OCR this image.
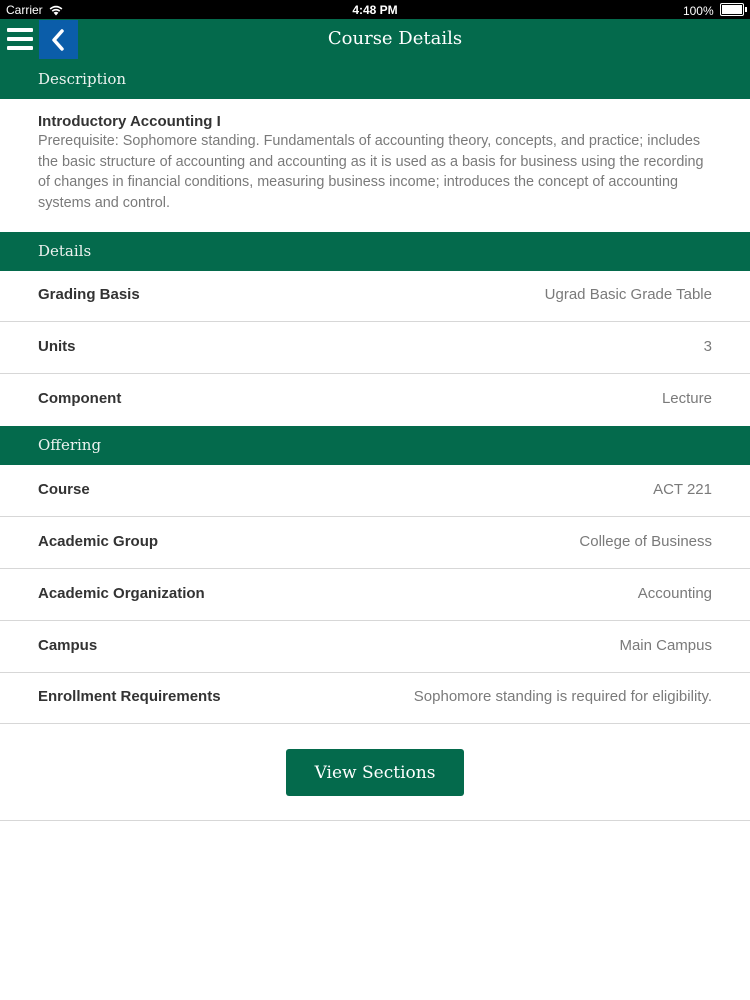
Carrier	4:48 PM	100%
Course Details
Description
Introductory Accounting I
Prerequisite: Sophomore standing. Fundamentals of accounting theory, concepts, and practice; includes the basic structure of accounting and accounting as it is used as a basis for business using the recording of changes in financial conditions, measuring business income; introduces the concept of accounting systems and control.
Details
Grading Basis	Ugrad Basic Grade Table
Units	3
Component	Lecture
Offering
Course	ACT 221
Academic Group	College of Business
Academic Organization	Accounting
Campus	Main Campus
Enrollment Requirements	Sophomore standing is required for eligibility.
View Sections
